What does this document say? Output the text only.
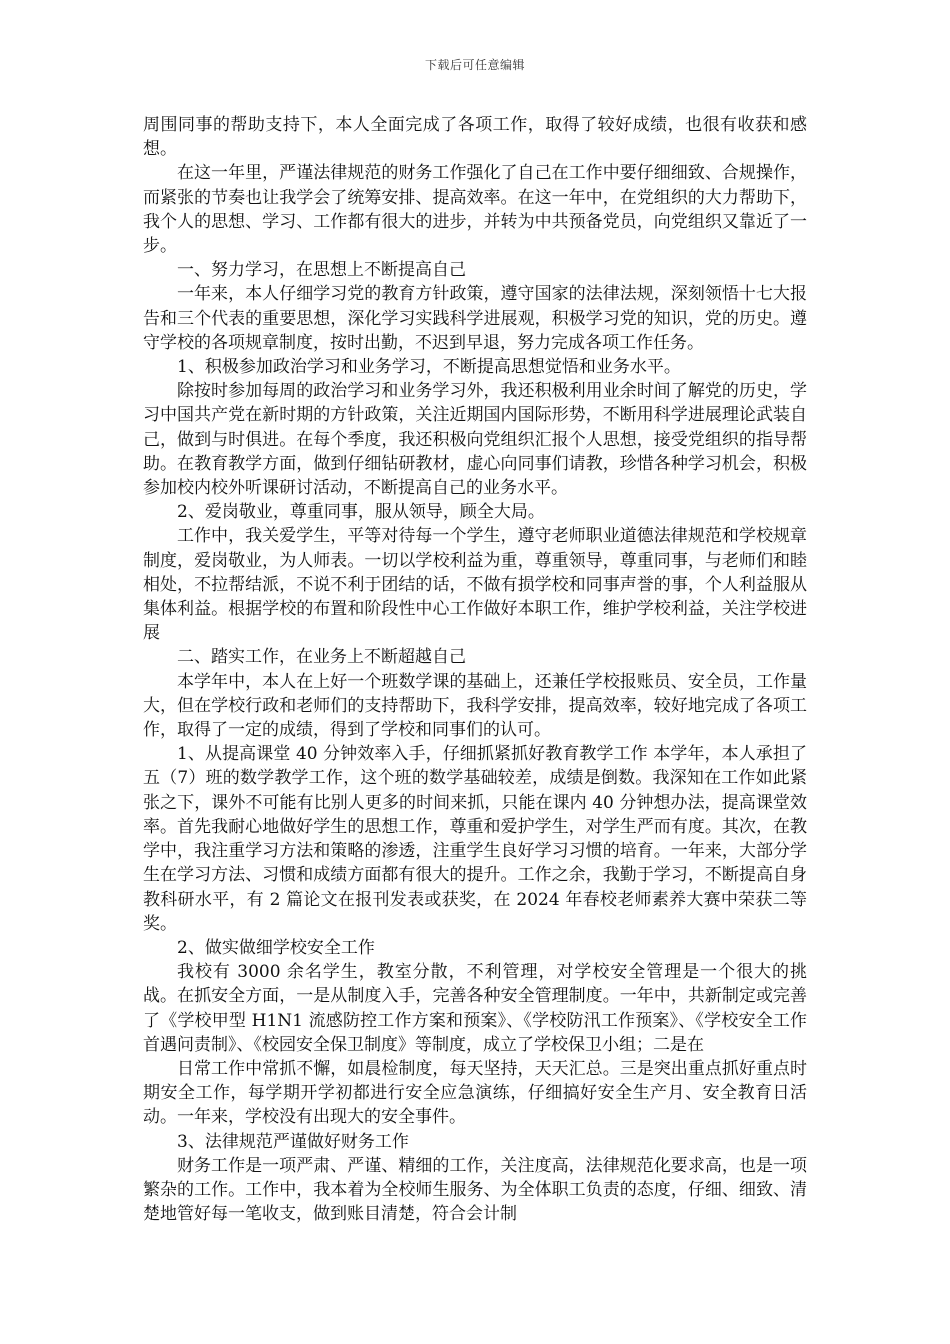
下载后可任意编辑

周围同事的帮助支持下，本人全面完成了各项工作，取得了较好成绩，也很有收获和感想。

在这一年里，严谨法律规范的财务工作强化了自己在工作中要仔细细致、合规操作，而紧张的节奏也让我学会了统筹安排、提高效率。在这一年中，在党组织的大力帮助下，我个人的思想、学习、工作都有很大的进步，并转为中共预备党员，向党组织又靠近了一步。

一、努力学习，在思想上不断提高自己

一年来，本人仔细学习党的教育方针政策，遵守国家的法律法规，深刻领悟十七大报告和三个代表的重要思想，深化学习实践科学进展观，积极学习党的知识，党的历史。遵守学校的各项规章制度，按时出勤，不迟到早退，努力完成各项工作任务。

1、积极参加政治学习和业务学习，不断提高思想觉悟和业务水平。

除按时参加每周的政治学习和业务学习外，我还积极利用业余时间了解党的历史，学习中国共产党在新时期的方针政策，关注近期国内国际形势，不断用科学进展理论武装自己，做到与时俱进。在每个季度，我还积极向党组织汇报个人思想，接受党组织的指导帮助。在教育教学方面，做到仔细钻研教材，虚心向同事们请教，珍惜各种学习机会，积极参加校内校外听课研讨活动，不断提高自己的业务水平。

2、爱岗敬业，尊重同事，服从领导，顾全大局。

工作中，我关爱学生，平等对待每一个学生，遵守老师职业道德法律规范和学校规章制度，爱岗敬业，为人师表。一切以学校利益为重，尊重领导，尊重同事，与老师们和睦相处，不拉帮结派，不说不利于团结的话，不做有损学校和同事声誉的事，个人利益服从集体利益。根据学校的布置和阶段性中心工作做好本职工作，维护学校利益，关注学校进展

二、踏实工作，在业务上不断超越自己

本学年中，本人在上好一个班数学课的基础上，还兼任学校报账员、安全员，工作量大，但在学校行政和老师们的支持帮助下，我科学安排，提高效率，较好地完成了各项工作，取得了一定的成绩，得到了学校和同事们的认可。

1、从提高课堂 40 分钟效率入手，仔细抓紧抓好教育教学工作 本学年，本人承担了五（7）班的数学教学工作，这个班的数学基础较差，成绩是倒数。我深知在工作如此紧张之下，课外不可能有比别人更多的时间来抓，只能在课内 40 分钟想办法，提高课堂效率。首先我耐心地做好学生的思想工作，尊重和爱护学生，对学生严而有度。其次，在教学中，我注重学习方法和策略的渗透，注重学生良好学习习惯的培育。一年来，大部分学生在学习方法、习惯和成绩方面都有很大的提升。工作之余，我勤于学习，不断提高自身教科研水平，有 2 篇论文在报刊发表或获奖，在 2024 年春校老师素养大赛中荣获二等奖。

2、做实做细学校安全工作

我校有 3000 余名学生，教室分散，不利管理，对学校安全管理是一个很大的挑战。在抓安全方面，一是从制度入手，完善各种安全管理制度。一年中，共新制定或完善了《学校甲型 H1N1 流感防控工作方案和预案》、《学校防汛工作预案》、《学校安全工作首遇问责制》、《校园安全保卫制度》等制度，成立了学校保卫小组；二是在

日常工作中常抓不懈，如晨检制度，每天坚持，天天汇总。三是突出重点抓好重点时期安全工作，每学期开学初都进行安全应急演练，仔细搞好安全生产月、安全教育日活动。一年来，学校没有出现大的安全事件。

3、法律规范严谨做好财务工作

财务工作是一项严肃、严谨、精细的工作，关注度高，法律规范化要求高，也是一项繁杂的工作。工作中，我本着为全校师生服务、为全体职工负责的态度，仔细、细致、清楚地管好每一笔收支，做到账目清楚，符合会计制
